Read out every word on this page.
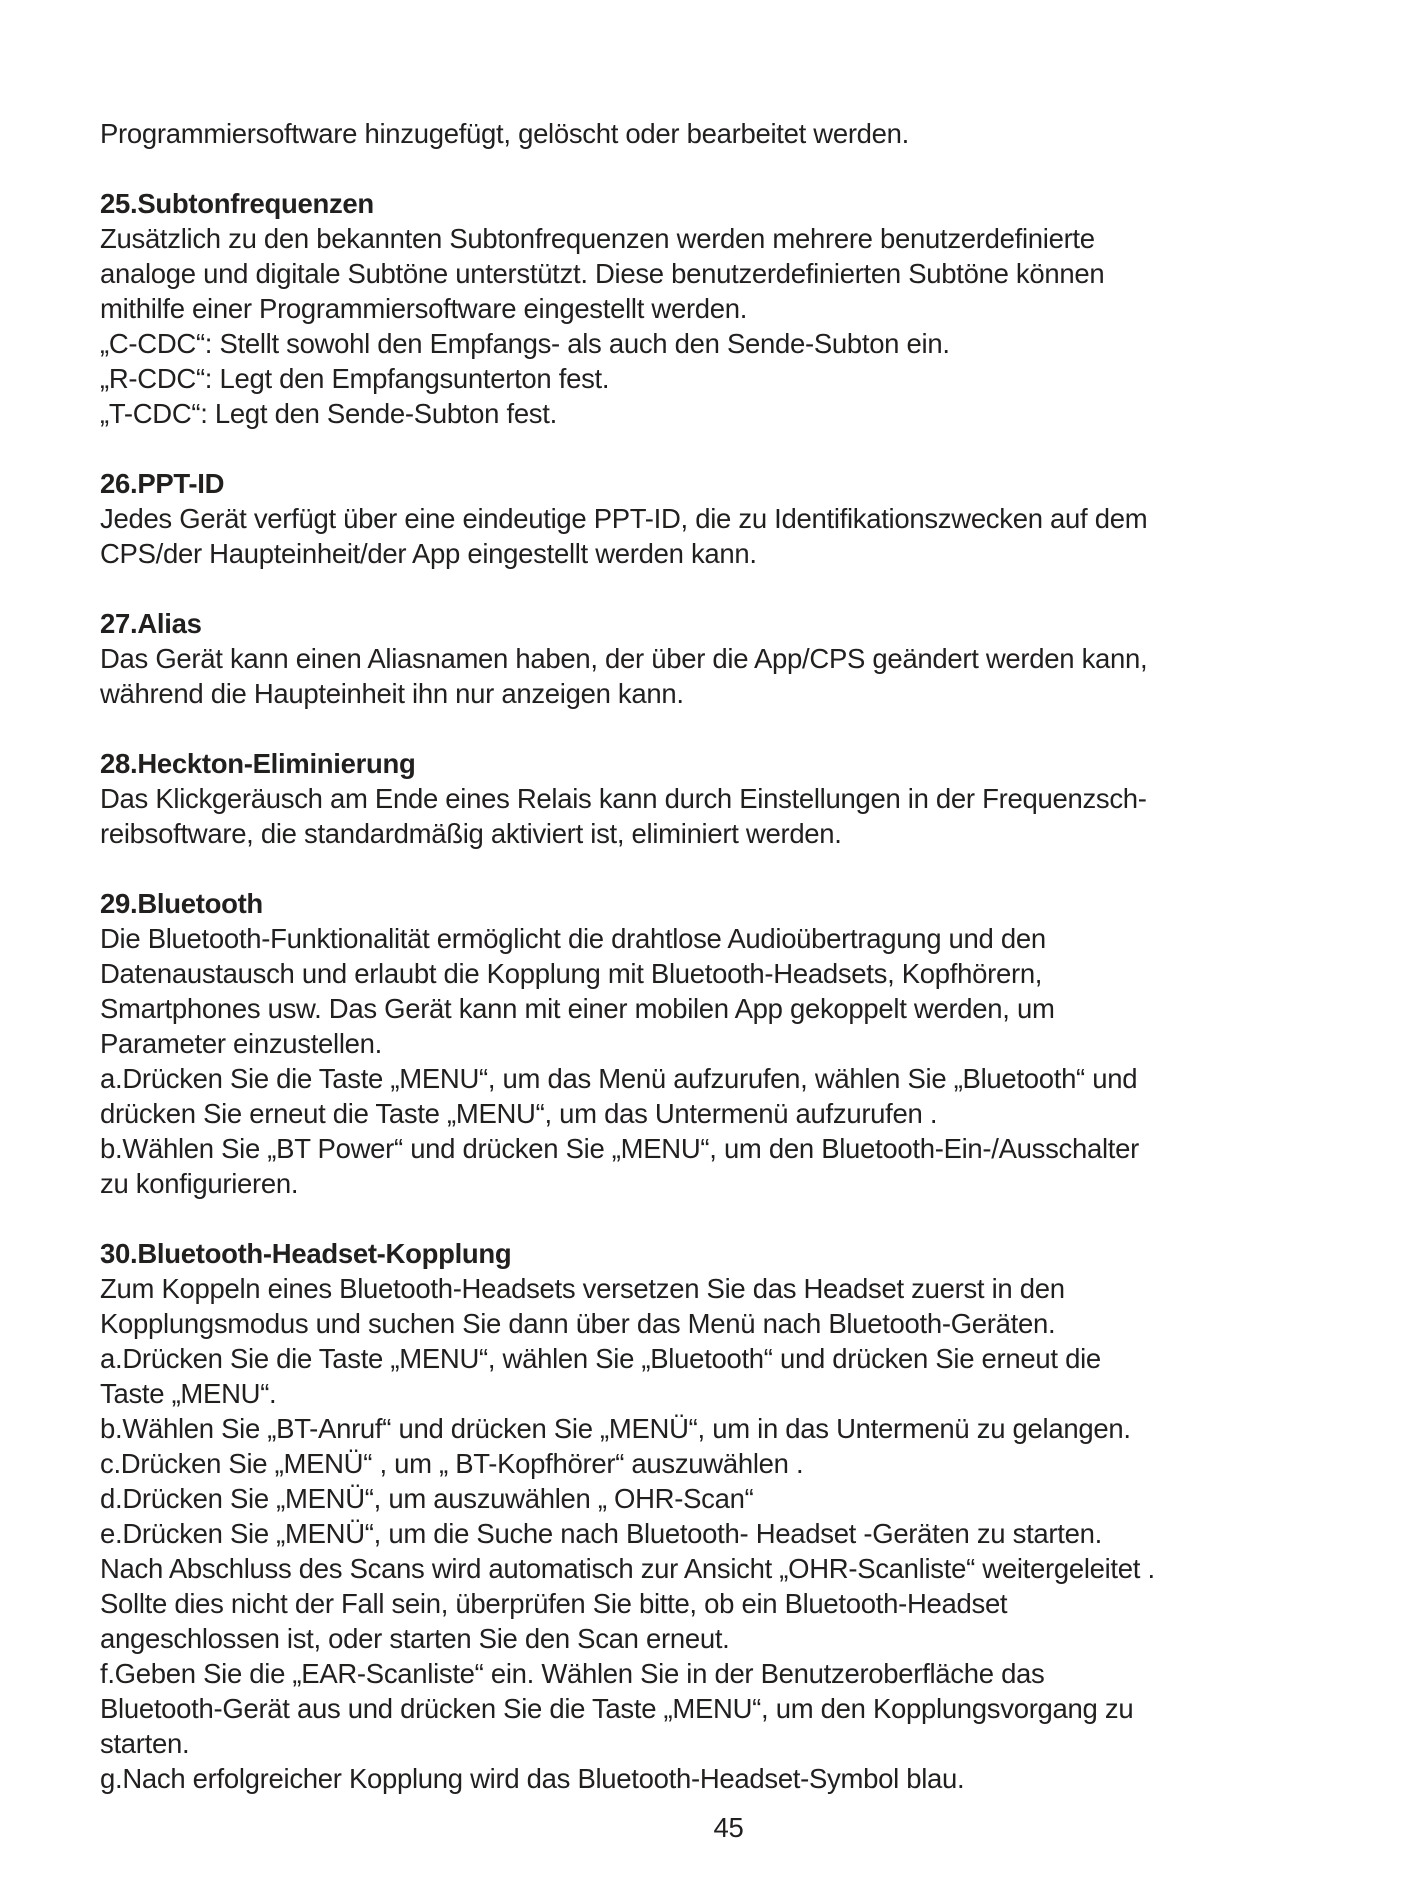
Programmiersoftware hinzugefügt, gelöscht oder bearbeitet werden.
25.Subtonfrequenzen
Zusätzlich zu den bekannten Subtonfrequenzen werden mehrere benutzerdefinierte
analoge und digitale Subtöne unterstützt. Diese benutzerdefinierten Subtöne können
mithilfe einer Programmiersoftware eingestellt werden.
„C-CDC“: Stellt sowohl den Empfangs- als auch den Sende-Subton ein.
„R-CDC“: Legt den Empfangsunterton fest.
„T-CDC“: Legt den Sende-Subton fest.
26.PPT-ID
Jedes Gerät verfügt über eine eindeutige PPT-ID, die zu Identifikationszwecken auf dem
CPS/der Haupteinheit/der App eingestellt werden kann.
27.Alias
Das Gerät kann einen Aliasnamen haben, der über die App/CPS geändert werden kann,
während die Haupteinheit ihn nur anzeigen kann.
28.Heckton-Eliminierung
Das Klickgeräusch am Ende eines Relais kann durch Einstellungen in der Frequenzsch-
reibsoftware, die standardmäßig aktiviert ist, eliminiert werden.
29.Bluetooth
Die Bluetooth-Funktionalität ermöglicht die drahtlose Audioübertragung und den
Datenaustausch und erlaubt die Kopplung mit Bluetooth-Headsets, Kopfhörern,
Smartphones usw. Das Gerät kann mit einer mobilen App gekoppelt werden, um
Parameter einzustellen.
a.Drücken Sie die Taste „MENU“, um das Menü aufzurufen, wählen Sie „Bluetooth“ und
drücken Sie erneut die Taste „MENU“, um das Untermenü aufzurufen .
b.Wählen Sie „BT Power“ und drücken Sie „MENU“, um den Bluetooth-Ein-/Ausschalter
zu konfigurieren.
30.Bluetooth-Headset-Kopplung
Zum Koppeln eines Bluetooth-Headsets versetzen Sie das Headset zuerst in den
Kopplungsmodus und suchen Sie dann über das Menü nach Bluetooth-Geräten.
a.Drücken Sie die Taste „MENU“, wählen Sie „Bluetooth“ und drücken Sie erneut die
Taste „MENU“.
b.Wählen Sie „BT-Anruf“ und drücken Sie „MENÜ“, um in das Untermenü zu gelangen.
c.Drücken Sie „MENÜ“ , um „ BT-Kopfhörer“ auszuwählen .
d.Drücken Sie „MENÜ“, um auszuwählen „ OHR-Scan“
e.Drücken Sie „MENÜ“, um die Suche nach Bluetooth- Headset -Geräten zu starten.
Nach Abschluss des Scans wird automatisch zur Ansicht „OHR-Scanliste“ weitergeleitet .
Sollte dies nicht der Fall sein, überprüfen Sie bitte, ob ein Bluetooth-Headset
angeschlossen ist, oder starten Sie den Scan erneut.
f.Geben Sie die „EAR-Scanliste“ ein. Wählen Sie in der Benutzeroberfläche das
Bluetooth-Gerät aus und drücken Sie die Taste „MENU“, um den Kopplungsvorgang zu
starten.
g.Nach erfolgreicher Kopplung wird das Bluetooth-Headset-Symbol blau.
45
